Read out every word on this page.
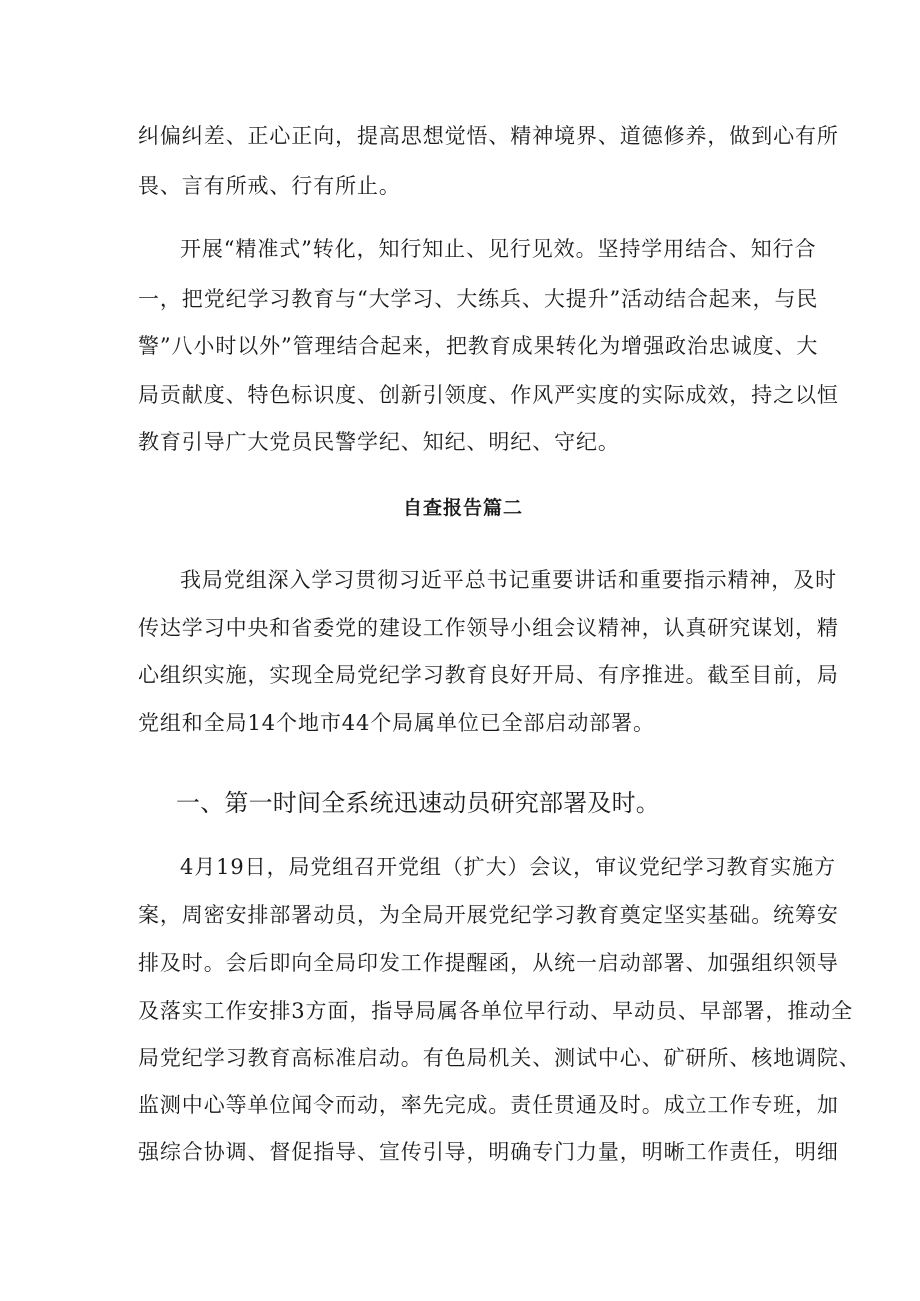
纠偏纠差、正心正向，提高思想觉悟、精神境界、道德修养，做到心有所
畏、言有所戒、行有所止。
开展“精准式”转化，知行知止、见行见效。坚持学用结合、知行合
一，把党纪学习教育与“大学习、大练兵、大提升”活动结合起来，与民
警”八小时以外”管理结合起来，把教育成果转化为增强政治忠诚度、大
局贡献度、特色标识度、创新引领度、作风严实度的实际成效，持之以恒
教育引导广大党员民警学纪、知纪、明纪、守纪。
自查报告篇二
我局党组深入学习贯彻习近平总书记重要讲话和重要指示精神，及时
传达学习中央和省委党的建设工作领导小组会议精神，认真研究谋划，精
心组织实施，实现全局党纪学习教育良好开局、有序推进。截至目前，局
党组和全局14个地市44个局属单位已全部启动部署。
一、第一时间全系统迅速动员研究部署及时。
4月19日，局党组召开党组（扩大）会议，审议党纪学习教育实施方
案，周密安排部署动员，为全局开展党纪学习教育奠定坚实基础。统筹安
排及时。会后即向全局印发工作提醒函，从统一启动部署、加强组织领导
及落实工作安排3方面，指导局属各单位早行动、早动员、早部署，推动全
局党纪学习教育高标准启动。有色局机关、测试中心、矿研所、核地调院、
监测中心等单位闻令而动，率先完成。责任贯通及时。成立工作专班，加
强综合协调、督促指导、宣传引导，明确专门力量，明晰工作责任，明细
